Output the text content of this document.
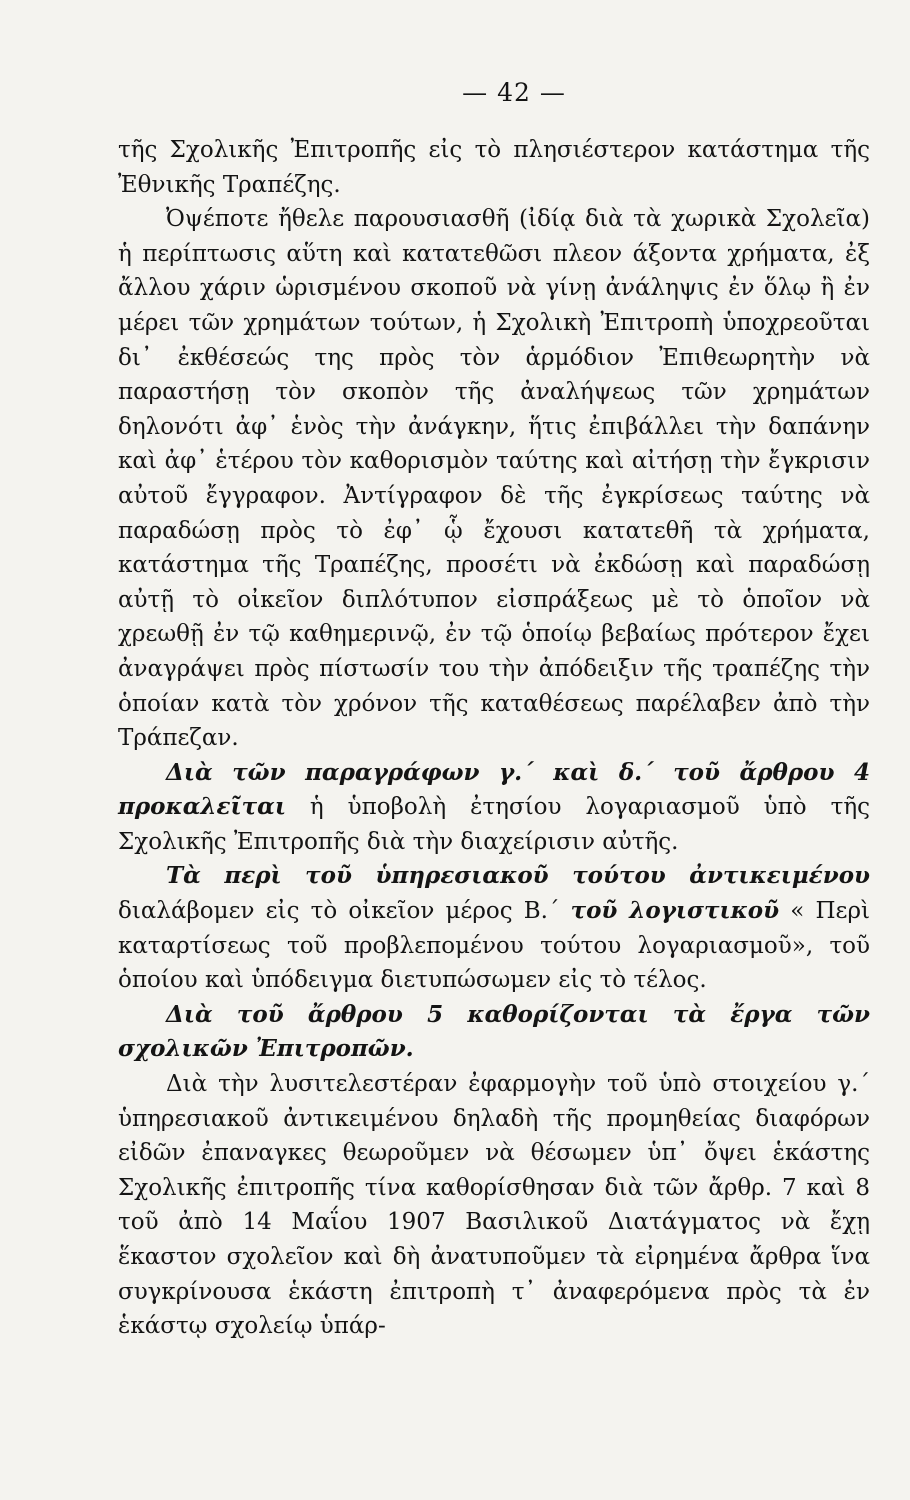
— 42 —

τῆς Σχολικῆς Ἐπιτροπῆς εἰς τὸ πλησιέστερον κατάστημα τῆς Ἐθνικῆς Τραπέζης.

Ὀψέποτε ἤθελε παρουσιασθῆ (ἰδίᾳ διὰ τὰ χωρικὰ Σχολεῖα) ἡ περίπτωσις αὕτη καὶ κατατεθῶσι πλεον άξοντα χρήματα, ἐξ ἄλλου χάριν ὡρισμένου σκοποῦ νὰ γίνῃ ἀνάληψις ἐν ὅλῳ ἢ ἐν μέρει τῶν χρημάτων τούτων, ἡ Σχολικὴ Ἐπιτροπὴ ὑποχρεοῦται δι᾿ ἐκθέσεώς της πρὸς τὸν ἁρμόδιον Ἐπιθεωρητὴν νὰ παραστήσῃ τὸν σκοπὸν τῆς ἀναλήψεως τῶν χρημάτων δηλονότι ἀφ᾿ ἑνὸς τὴν ἀνάγκην, ἥτις ἐπιβάλλει τὴν δαπάνην καὶ ἀφ᾿ ἑτέρου τὸν καθορισμὸν ταύτης καὶ αἰτήσῃ τὴν ἔγκρισιν αὐτοῦ ἔγγραφον. Ἀντίγραφον δὲ τῆς ἐγκρίσεως ταύτης νὰ παραδώσῃ πρὸς τὸ ἐφ᾿ ᾧ ἔχουσι κατατεθῆ τὰ χρήματα, κατάστημα τῆς Τραπέζης, προσέτι νὰ ἐκδώσῃ καὶ παραδώσῃ αὐτῇ τὸ οἰκεῖον διπλότυπον εἰσπράξεως μὲ τὸ ὁποῖον νὰ χρεωθῇ ἐν τῷ καθημερινῷ, ἐν τῷ ὁποίῳ βεβαίως πρότερον ἔχει ἀναγράψει πρὸς πίστωσίν του τὴν ἀπόδειξιν τῆς τραπέζης τὴν ὁποίαν κατὰ τὸν χρόνον τῆς καταθέσεως παρέλαβεν ἀπὸ τὴν Τράπεζαν.

Διὰ τῶν παραγράφων γ.΄ καὶ δ.΄ τοῦ ἄρθρου 4 προκαλεῖται ἡ ὑποβολὴ ἐτησίου λογαριασμοῦ ὑπὸ τῆς Σχολικῆς Ἐπιτροπῆς διὰ τὴν διαχείρισιν αὐτῆς.

Τὰ περὶ τοῦ ὑπηρεσιακοῦ τούτου ἀντικειμένου διαλάβομεν εἰς τὸ οἰκεῖον μέρος Β.΄ τοῦ λογιστικοῦ « Περὶ καταρτίσεως τοῦ προβλεπομένου τούτου λογαριασμοῦ», τοῦ ὁποίου καὶ ὑπόδειγμα διετυπώσωμεν εἰς τὸ τέλος.

Διὰ τοῦ ἄρθρου 5 καθορίζονται τὰ ἔργα τῶν σχολικῶν Ἐπιτροπῶν.

Διὰ τὴν λυσιτελεστέραν ἐφαρμογὴν τοῦ ὑπὸ στοιχείου γ.΄ ὑπηρεσιακοῦ ἀντικειμένου δηλαδὴ τῆς προμηθείας διαφόρων εἰδῶν ἐπαναγκες θεωροῦμεν νὰ θέσωμεν ὑπ᾿ ὄψει ἑκάστης Σχολικῆς ἐπιτροπῆς τίνα καθορίσθησαν διὰ τῶν ἄρθρ. 7 καὶ 8 τοῦ ἀπὸ 14 Μαΐου 1907 Βασιλικοῦ Διατάγματος νὰ ἔχῃ ἕκαστον σχολεῖον καὶ δὴ ἀνατυποῦμεν τὰ εἰρημένα ἄρθρα ἵνα συγκρίνουσα ἑκάστη ἐπιτροπὴ τ᾿ ἀναφερόμενα πρὸς τὰ ἐν ἑκάστῳ σχολείῳ ὑπάρ-
